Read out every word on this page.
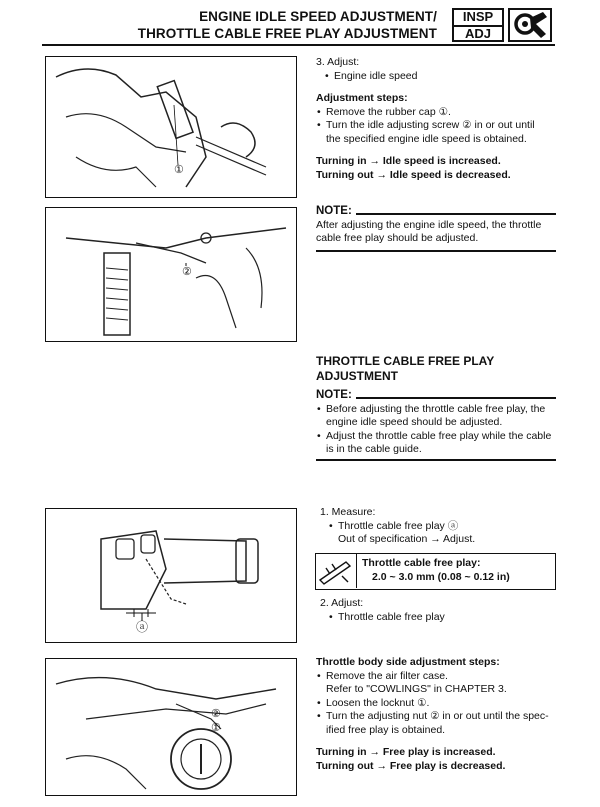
ENGINE IDLE SPEED ADJUSTMENT/
THROTTLE CABLE FREE PLAY ADJUSTMENT
INSP
ADJ
①
②
ⓐ
②
①
3. Adjust:
• Engine idle speed
Adjustment steps:
• Remove the rubber cap ①.
• Turn the idle adjusting screw ② in or out until
the specified engine idle speed is obtained.
Turning in → Idle speed is increased.
Turning out → Idle speed is decreased.
NOTE:
After adjusting the engine idle speed, the throttle
cable free play should be adjusted.
THROTTLE CABLE FREE PLAY
ADJUSTMENT
NOTE:
• Before adjusting the throttle cable free play, the
engine idle speed should be adjusted.
• Adjust the throttle cable free play while the cable
is in the cable guide.
1. Measure:
• Throttle cable free play ⓐ
Out of specification → Adjust.
Throttle cable free play:
2.0 ~ 3.0 mm (0.08 ~ 0.12 in)
2. Adjust:
• Throttle cable free play
Throttle body side adjustment steps:
• Remove the air filter case.
Refer to "COWLINGS" in CHAPTER 3.
• Loosen the locknut ①.
• Turn the adjusting nut ② in or out until the spec-
ified free play is obtained.
Turning in → Free play is increased.
Turning out → Free play is decreased.
